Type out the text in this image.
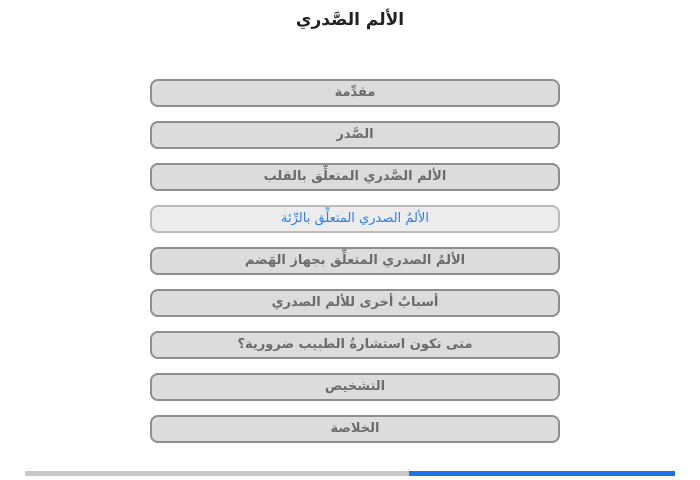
الألم الصَّدري
مقدِّمة
الصَّدر
الألم الصَّدري المتعلِّق بالقلب
الألمُ الصدري المتعلِّق بالرِّئة
الألمُ الصدري المتعلِّق بجهاز الهَضم
أسبابٌ أخرى للألم الصدري
متى تكون استشارةُ الطبيب ضرورية؟
التشخيص
الخلاصة
